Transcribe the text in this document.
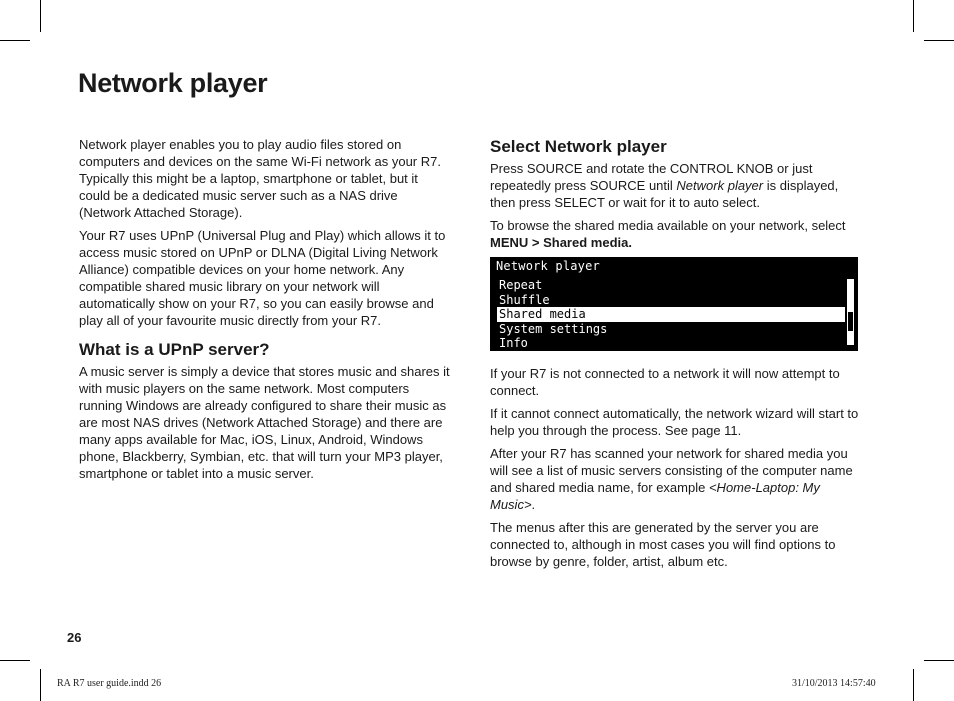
Network player

Network player enables you to play audio files stored on computers and devices on the same Wi-Fi network as your R7. Typically this might be a laptop, smartphone or tablet, but it could be a dedicated music server such as a NAS drive (Network Attached Storage).

Your R7 uses UPnP (Universal Plug and Play) which allows it to access music stored on UPnP or DLNA (Digital Living Network Alliance) compatible devices on your home network. Any compatible shared music library on your network will automatically show on your R7, so you can easily browse and play all of your favourite music directly from your R7.

What is a UPnP server?

A music server is simply a device that stores music and shares it with music players on the same network. Most computers running Windows are already configured to share their music as are most NAS drives (Network Attached Storage) and there are many apps available for Mac, iOS, Linux, Android, Windows phone, Blackberry, Symbian, etc. that will turn your MP3 player, smartphone or tablet into a music server.

Select Network player

Press SOURCE and rotate the CONTROL KNOB or just repeatedly press SOURCE until Network player is displayed, then press SELECT or wait for it to auto select.

To browse the shared media available on your network, select MENU > Shared media.

Network player
Repeat
Shuffle
Shared media
System settings
Info

If your R7 is not connected to a network it will now attempt to connect.

If it cannot connect automatically, the network wizard will start to help you through the process. See page 11.

After your R7 has scanned your network for shared media you will see a list of music servers consisting of the computer name and shared media name, for example <Home-Laptop: My Music>.

The menus after this are generated by the server you are connected to, although in most cases you will find options to browse by genre, folder, artist, album etc.

26
RA R7 user guide.indd 26	31/10/2013 14:57:40
